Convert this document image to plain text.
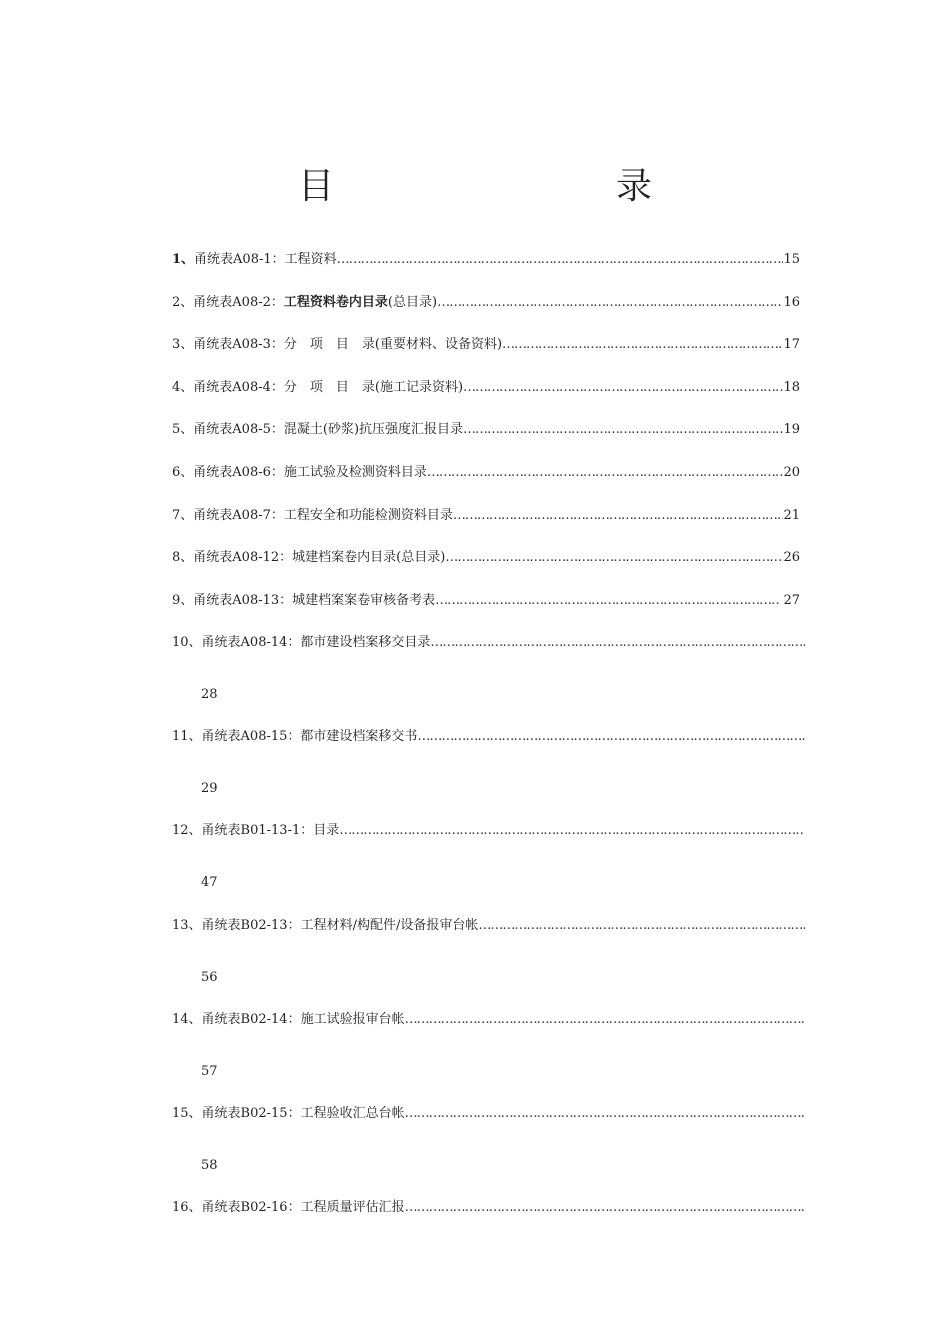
目　　录
1、 甬统表A08-1：工程资料 ……………………………………………………………………………………………………………………………………………………………………………………………………	15
2、 甬统表A08-2：工程资料卷内目录(总目录) ……………………………………………………………………………………………………………………………………………………………………………………………………	16
3、 甬统表A08-3：分　项　目　录(重要材料、设备资料) ……………………………………………………………………………………………………………………………………………………………………………………………………	17
4、 甬统表A08-4：分　项　目　录(施工记录资料) ……………………………………………………………………………………………………………………………………………………………………………………………………	18
5、 甬统表A08-5：混凝土(砂浆)抗压强度汇报目录 ……………………………………………………………………………………………………………………………………………………………………………………………………	19
6、 甬统表A08-6：施工试验及检测资料目录 ……………………………………………………………………………………………………………………………………………………………………………………………………	20
7、 甬统表A08-7：工程安全和功能检测资料目录 ……………………………………………………………………………………………………………………………………………………………………………………………………	21
8、 甬统表A08-12：城建档案卷内目录(总目录) ……………………………………………………………………………………………………………………………………………………………………………………………………	26
9、 甬统表A08-13：城建档案案卷审核备考表 ……………………………………………………………………………………………………………………………………………………………………………………………………	27
10、 甬统表A08-14：都市建设档案移交目录
……………………………………………………………………………………………………………………………………………………………………………………………………
28
11、 甬统表A08-15：都市建设档案移交书
……………………………………………………………………………………………………………………………………………………………………………………………………
29
12、 甬统表B01-13-1：目录
……………………………………………………………………………………………………………………………………………………………………………………………………
47
13、 甬统表B02-13：工程材料/构配件/设备报审台帐
……………………………………………………………………………………………………………………………………………………………………………………………………
56
14、 甬统表B02-14：施工试验报审台帐
……………………………………………………………………………………………………………………………………………………………………………………………………
57
15、 甬统表B02-15：工程验收汇总台帐
……………………………………………………………………………………………………………………………………………………………………………………………………
58
16、 甬统表B02-16：工程质量评估汇报
……………………………………………………………………………………………………………………………………………………………………………………………………
